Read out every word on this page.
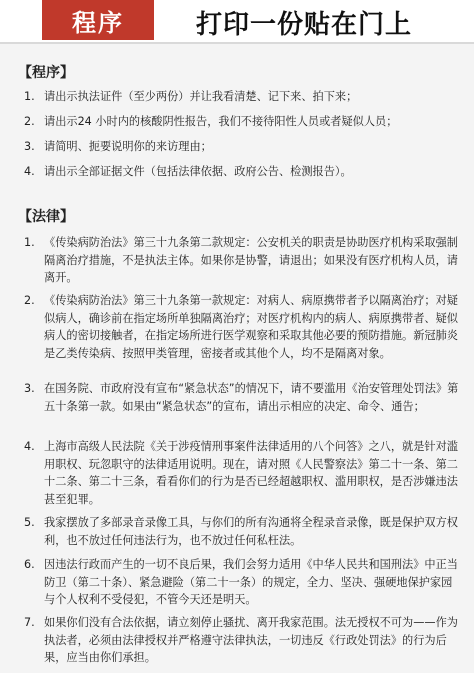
程序	打印一份贴在门上
【程序】
1. 请出示执法证件（至少两份）并让我看清楚、记下来、拍下来；
2. 请出示24 小时内的核酸阴性报告，我们不接待阳性人员或者疑似人员；
3. 请简明、扼要说明你的来访理由；
4. 请出示全部证据文件（包括法律依据、政府公告、检测报告）。
【法律】
1. 《传染病防治法》第三十九条第二款规定：公安机关的职责是协助医疗机构采取强制隔离治疗措施，不是执法主体。如果你是协警，请退出；如果没有医疗机构人员，请离开。
2. 《传染病防治法》第三十九条第一款规定：对病人、病原携带者予以隔离治疗；对疑似病人，确诊前在指定场所单独隔离治疗；对医疗机构内的病人、病原携带者、疑似病人的密切接触者，在指定场所进行医学观察和采取其他必要的预防措施。新冠肺炎是乙类传染病、按照甲类管理，密接者或其他个人，均不是隔离对象。
3. 在国务院、市政府没有宣布“紧急状态”的情况下，请不要滥用《治安管理处罚法》第五十条第一款。如果由“紧急状态”的宣布，请出示相应的决定、命令、通告；
4. 上海市高级人民法院《关于涉疫情刑事案件法律适用的八个问答》之八，就是针对滥用职权、玩忽职守的法律适用说明。现在，请对照《人民警察法》第二十一条、第二十二条、第二十三条，看看你们的行为是否已经超越职权、滥用职权，是否涉嫌违法甚至犯罪。
5. 我家摆放了多部录音录像工具，与你们的所有沟通将全程录音录像，既是保护双方权利，也不放过任何违法行为，也不放过任何私枉法。
6. 因违法行政而产生的一切不良后果，我们会努力适用《中华人民共和国刑法》中正当防卫（第二十条）、紧急避险（第二十一条）的规定，全力、坚决、强硬地保护家园与个人权利不受侵犯，不管今天还是明天。
7. 如果你们没有合法依据，请立刻停止骚扰、离开我家范围。法无授权不可为——作为执法者，必须由法律授权并严格遵守法律执法，一切违反《行政处罚法》的行为后果，应当由你们承担。
